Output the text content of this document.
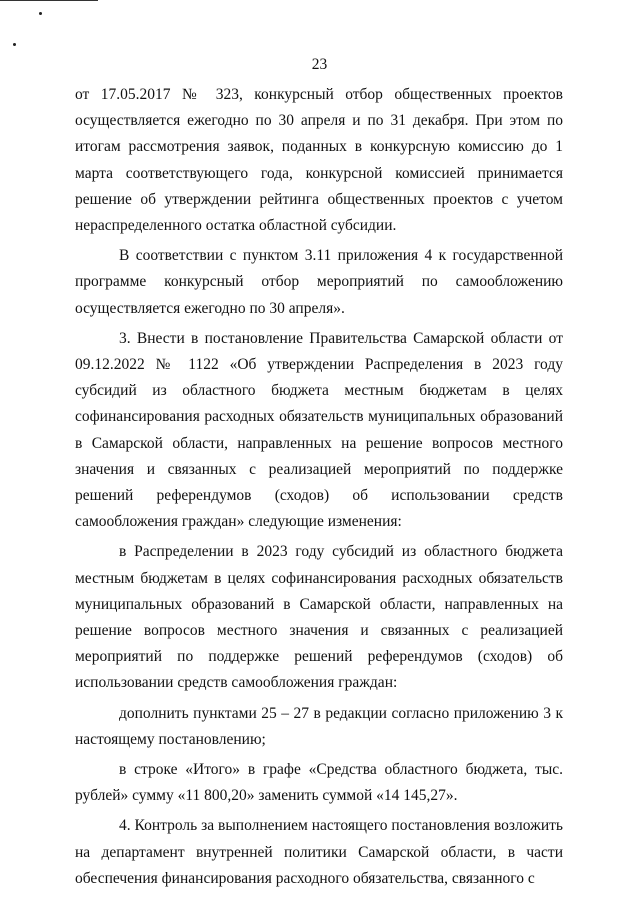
23

от 17.05.2017 № 323, конкурсный отбор общественных проектов осуществляется ежегодно по 30 апреля и по 31 декабря. При этом по итогам рассмотрения заявок, поданных в конкурсную комиссию до 1 марта соответствующего года, конкурсной комиссией принимается решение об утверждении рейтинга общественных проектов с учетом нераспределенного остатка областной субсидии.

В соответствии с пунктом 3.11 приложения 4 к государственной программе конкурсный отбор мероприятий по самообложению осуществляется ежегодно по 30 апреля».

3. Внести в постановление Правительства Самарской области от 09.12.2022 № 1122 «Об утверждении Распределения в 2023 году субсидий из областного бюджета местным бюджетам в целях софинансирования расходных обязательств муниципальных образований в Самарской области, направленных на решение вопросов местного значения и связанных с реализацией мероприятий по поддержке решений референдумов (сходов) об использовании средств самообложения граждан» следующие изменения:

в Распределении в 2023 году субсидий из областного бюджета местным бюджетам в целях софинансирования расходных обязательств муниципальных образований в Самарской области, направленных на решение вопросов местного значения и связанных с реализацией мероприятий по поддержке решений референдумов (сходов) об использовании средств самообложения граждан:

дополнить пунктами 25 – 27 в редакции согласно приложению 3 к настоящему постановлению;

в строке «Итого» в графе «Средства областного бюджета, тыс. рублей» сумму «11 800,20» заменить суммой «14 145,27».

4. Контроль за выполнением настоящего постановления возложить на департамент внутренней политики Самарской области, в части обеспечения финансирования расходного обязательства, связанного с
